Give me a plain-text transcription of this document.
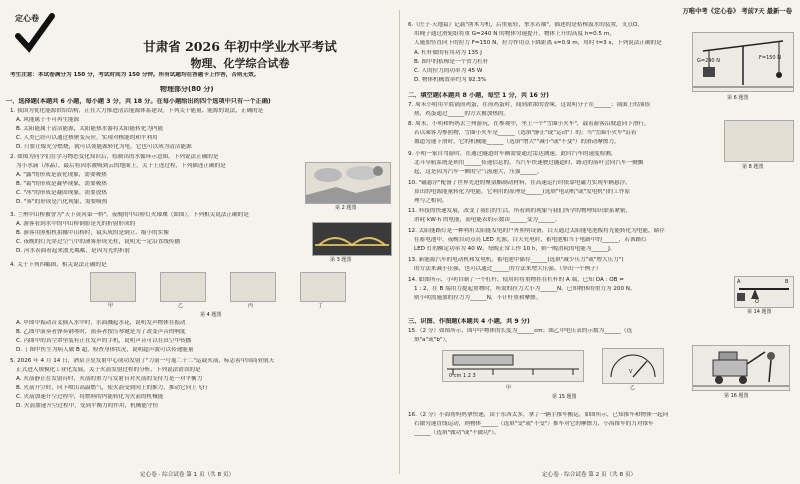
定心卷
甘肃省 2026 年初中学业水平考试
物理、化学综合试卷
考生注意：本试卷满分为 150 分，考试时间为 150 分钟。所有试题均在答题卡上作答，否则无效。
物理部分(80 分)
一、选择题(本题共 6 小题，每小题 3 分，共 18 分。在每小题给出的四个选项中只有一个正确)
1. 我国为优化能源供给结构，正在大力推进清洁能源体系建设。下列关于能量、能源的说法，正确的是
A. 风能属于不可再生能源
B. 太阳能属于清洁能源，太阳能热水器将太阳能转化为内能
C. 人类已经可以通过核聚变反应，实现对核能的和平利用
D. 只要让煤充分燃烧，就可以使能源转化为电，它也可以成为清洁能源
2. 如图为同学们在学习物态变化知识后，绘制出的水循环示意图，下列说法正确的是
为小水滴（冰晶），最后将因水被吸到云的地面上，关于上述过程，下列描述正确的是
A. "露"的形成是液化现象，需要吸热
B. "霜"的形成是凝华现象，需要吸热
C. "冰"的形成是凝固现象，需要放热
D. "雾"的形成是汽化现象，需要吸热
第 2 题图
3. 兰州中山桥被誉为"天下黄河第一桥"，夜晚的中山桥灯火璀璨（如图）。下列相关说法正确的是
A. 游客看到水中的中山桥倒影是光的折射形成的
B. 游客用照相机拍摄中山桥时，镜头成的是倒立、缩小的实像
C. 夜晚的灯光穿过空气中的薄雾形成光柱，说明光一定沿直线传播
D. 河水表面看起来波光粼粼，是因为光的折射
第 3 题图
4. 关于下列四幅图，相关说法正确的是
甲	乙	丙	丁
第 4 题图
A. 甲图中振动音叉插入水中时，水面溅起水花，说明发声物体在振动
B. 乙图中演奏者弹奏钢琴时，演奏者按压琴键是为了改变声音的响度
C. 丙图中的真空罩里装有正在发声的手机，说明声音可以在真空中传播
D. 丁图中医生为病人做 B 超，检查身体状况，说明超声波可以传递能量
5. 2026 年 4 月 14 日，酒泉卫星发射中心成功发射了"力箭一号遥二十二"运载火箭，标志着中国商业航天
正式进入规模化工业化发展，关于火箭发射过程的分析，下列说法错误的是
A. 火箭静止在发射台时，火箭的重力与发射台对火箭的支持力是一对平衡力
B. 火箭升空时，向下喷出高温燃气，使火箭受到向上的推力，推动它向上飞行
C. 火箭加速升空过程中，将燃料的内能转化为火箭的机械能
D. 火箭加速升空过程中，受到平衡力的作用，机械能守恒
定心卷 · 综合试卷 第 1 页（共 8 页）
万唯中考《定心卷》 考前7天 最新一卷
6.《庄子·天地篇》记载"凿木为机，后重前轻，挈水若抽"，描述的是桔槔汲水的装置，支点O，
用绳子通过滑轮组将重 G=240 N 的物体匀速提升，物体上升的高度 h=0.5 m，
人施加竖直向下的拉力 F=150 N，拉力作用点下降距离 s=0.9 m，用时 t=3 s，下列说法正确的是
A. 杠杆做的有用功为 135 J
B. 图中的桔槔是一个省力杠杆
C. 人的拉力的功率为 45 W
D. 物体机械效率约为 92.3%
G=240 N	F=150 N
第 6 题图
二、填空题(本题共 8 小题，每空 1 分，共 16 分)
7. 周末小明用平底锅煎鸡蛋，在煎鸡蛋时，闻到浓浓的香味，这说明分子在______；锅面上的油很
热，鸡蛋通过______的方式被加热的。
8. 周末，小明和妈妈去兰州游玩，在参观中，坐上一个"雪圈小火车"，载着游客沿坡道向下滑行，
若以乘客为参照物，雪圈小火车是______（选填"静止"或"运动"）的；当"雪圈小火车"沿着
坡道匀速下滑时，它的机械能______（选填"增大""减小"或"不变"）的滑动摩擦力。
第 8 题图
9. 小明一家自驾游时，在通过隧道时车辆需要通过雷达测速，此时汽车的速度检测，
北斗导航系统是利用______传递信息的，当汽车快速驶过隧道时，路边的落叶会向汽车一侧飘
起，这是因为汽车一侧的空气流速大，压强______。
10. "磁悬浮"配备了世界先进的聚氨酯制动材料，在高速运行时依靠电磁力实现车辆悬浮，
算出的电源能量转化为电能，它利用的原理是______(选填"电动机"或"发电机")的工作原
理与之相同。
11. 科技的快速发展，改变了我们的生活，所看到的现象与我们所学的物理知识联系紧密，
消耗 kW·h 的电能，而电能表的示数由______变为______。
12. 太阳能路灯是一种利用太阳能发电的户外照明设备，白天通过太阳能电池板将光能转化为电能，储存
在蓄电池中，夜晚自动点亮 LED 光源。白天充电时，蓄电池相当于电路中的______，若该路灯
LED 灯的额定功率为 40 W，每晚正常工作 10 h，则一晚消耗的电能为______J。
13. 新能源汽车的电动机和发电机，蓄电池中储存______(选填"减少压力"或"增大压力")
的方法来减小压强，也可以通过______的方法来增大压强。（举出一个例子）
14. 如图所示，小明自制了一个杠杆，使用时将重物挂在杠杆的 A 端，已知 OA : OB =
1 : 2，在 B 端用力提起重物时，所需的拉力大小为______N。已知物体的重力为 200 N，
则小明需施加的拉力为______N，不计杆重和摩擦。
A
O
B
第 14 题图
三、识图、作图题(本题共 4 小题，共 9 分)
15.（2 分）如图所示，图甲中物体的长度为______cm；图乙中电压表的示数为______（选
填"a"或"b"）。
0 cm 1 2 3
V
甲	乙
第 15 题图	第 16 题图
16.（2 分）小海帮妈妈拿快递，由于东西太多，拿了一辆手推车搬运，如图所示，已知推车和物体一起向
右做匀速直线运动，则物体______（选填"受"或"不受"）推车对它的摩擦力，小海推车的力对推车
______（选填"做功"或"不做功"）。
定心卷 · 综合试卷 第 2 页（共 8 页）
